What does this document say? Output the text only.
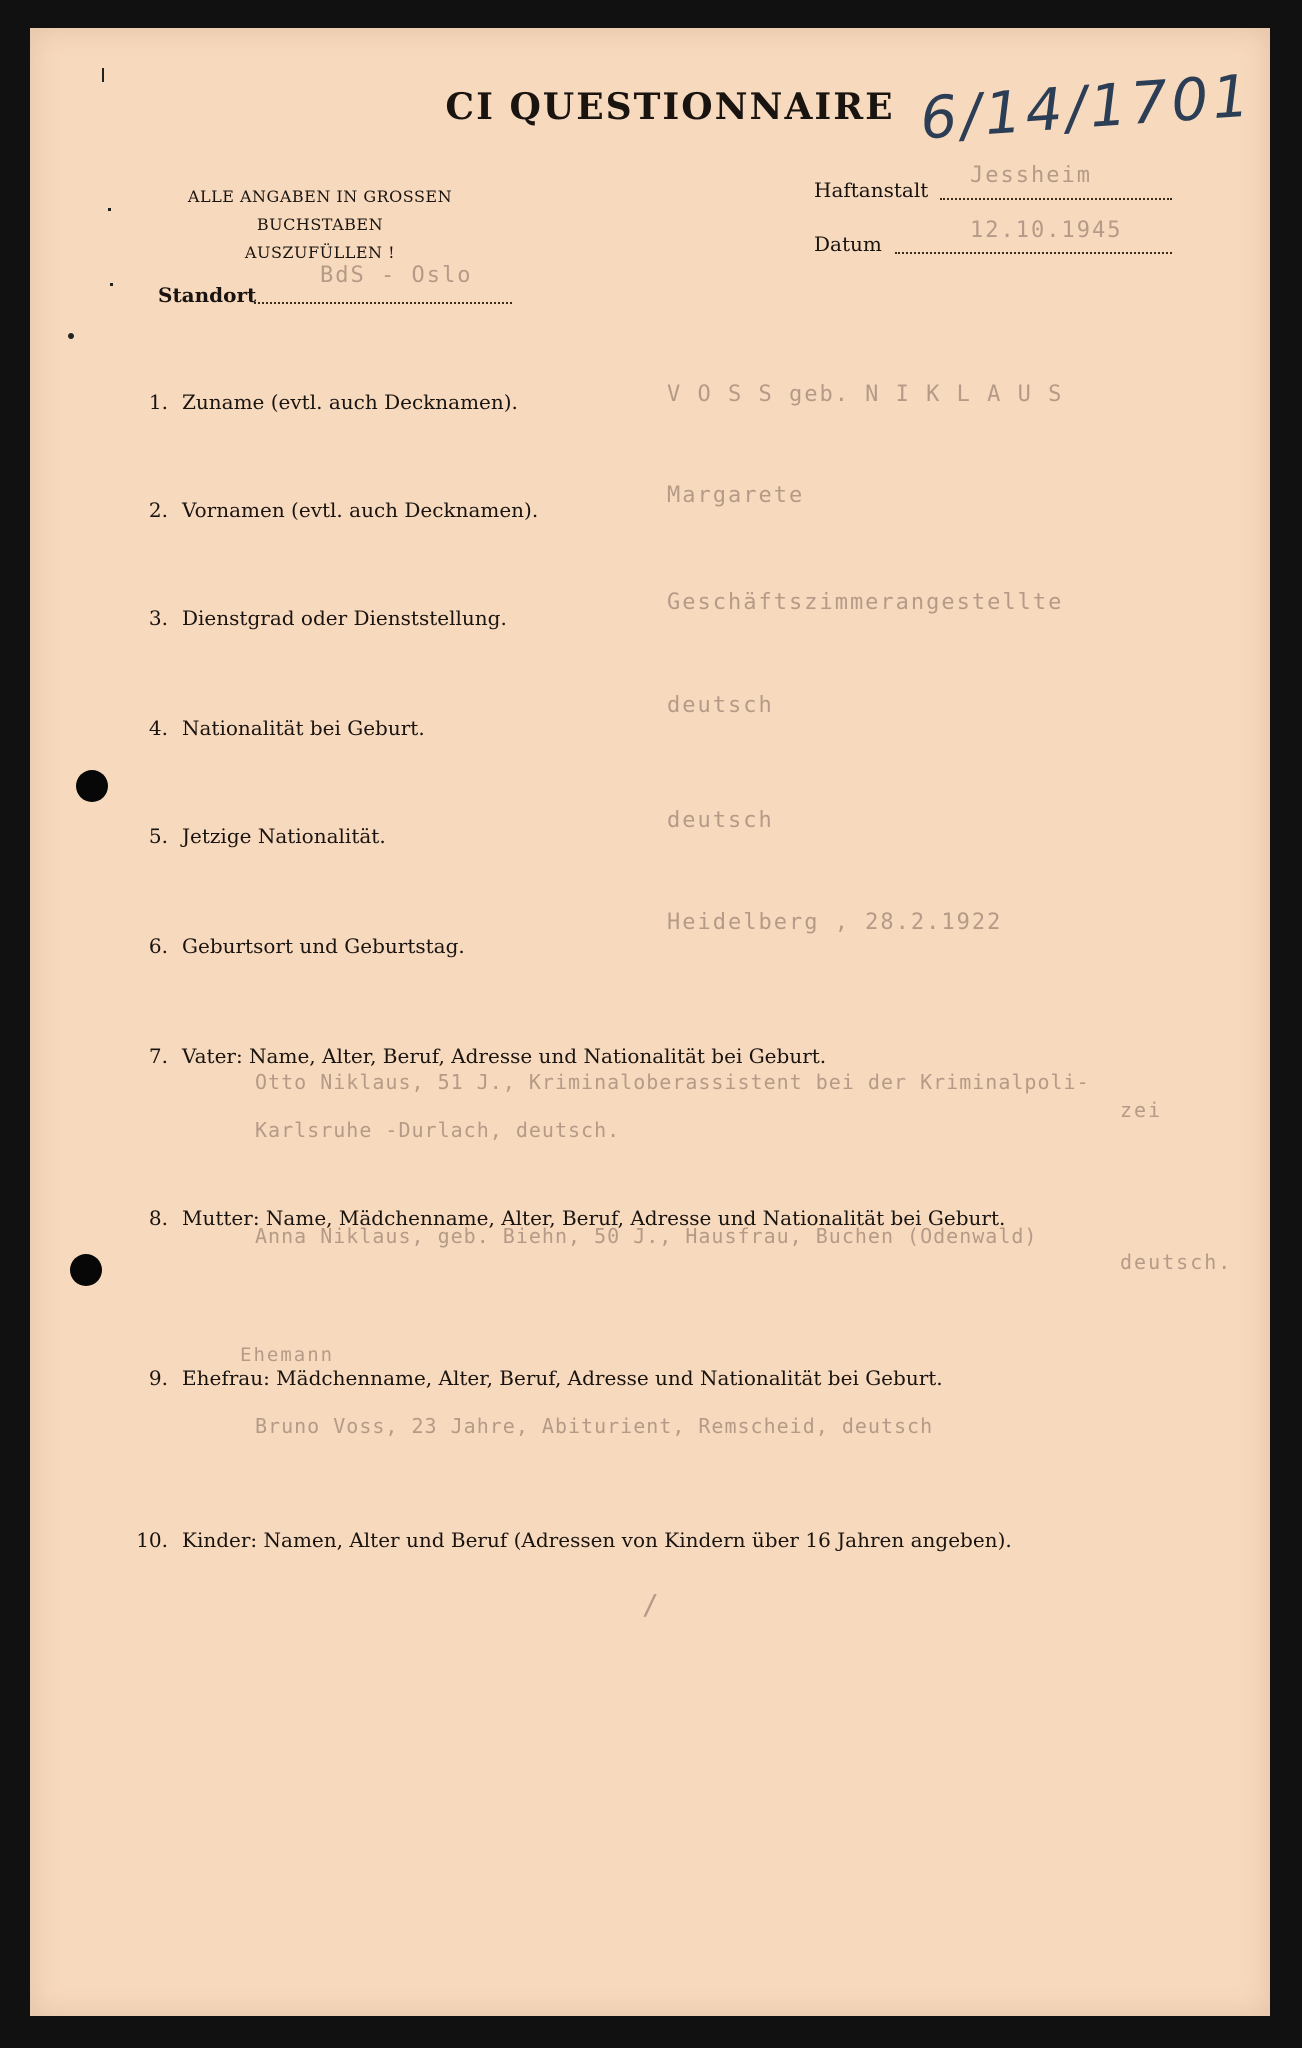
CI QUESTIONNAIRE 6/14/1701
ALLE ANGABEN IN GROSSEN BUCHSTABEN
AUSZUFÜLLEN !
Haftanstalt
Jessheim
Datum
12.10.1945
Standort
BdS - Oslo
1. Zuname (evtl. auch Decknamen).	V O S S geb. N I K L A U S
2. Vornamen (evtl. auch Decknamen).
Margarete
3. Dienstgrad oder Dienststellung.
Geschäftszimmerangestellte
4. Nationalität bei Geburt.
deutsch
5. Jetzige Nationalität.
deutsch
6. Geburtsort und Geburtstag.
Heidelberg , 28.2.1922
7. Vater: Name, Alter, Beruf, Adresse und Nationalität bei Geburt.
Otto Niklaus, 51 J., Kriminaloberassistent bei der Kriminalpoli-
zei
Karlsruhe -Durlach, deutsch.
8. Mutter: Name, Mädchenname, Alter, Beruf, Adresse und Nationalität bei Geburt.
Anna Niklaus, geb. Biehn, 50 J., Hausfrau, Buchen (Odenwald)
deutsch.
Ehemann
9. Ehefrau: Mädchenname, Alter, Beruf, Adresse und Nationalität bei Geburt.
Bruno Voss, 23 Jahre, Abiturient, Remscheid, deutsch
10. Kinder: Namen, Alter und Beruf (Adressen von Kindern über 16 Jahren angeben).
/
